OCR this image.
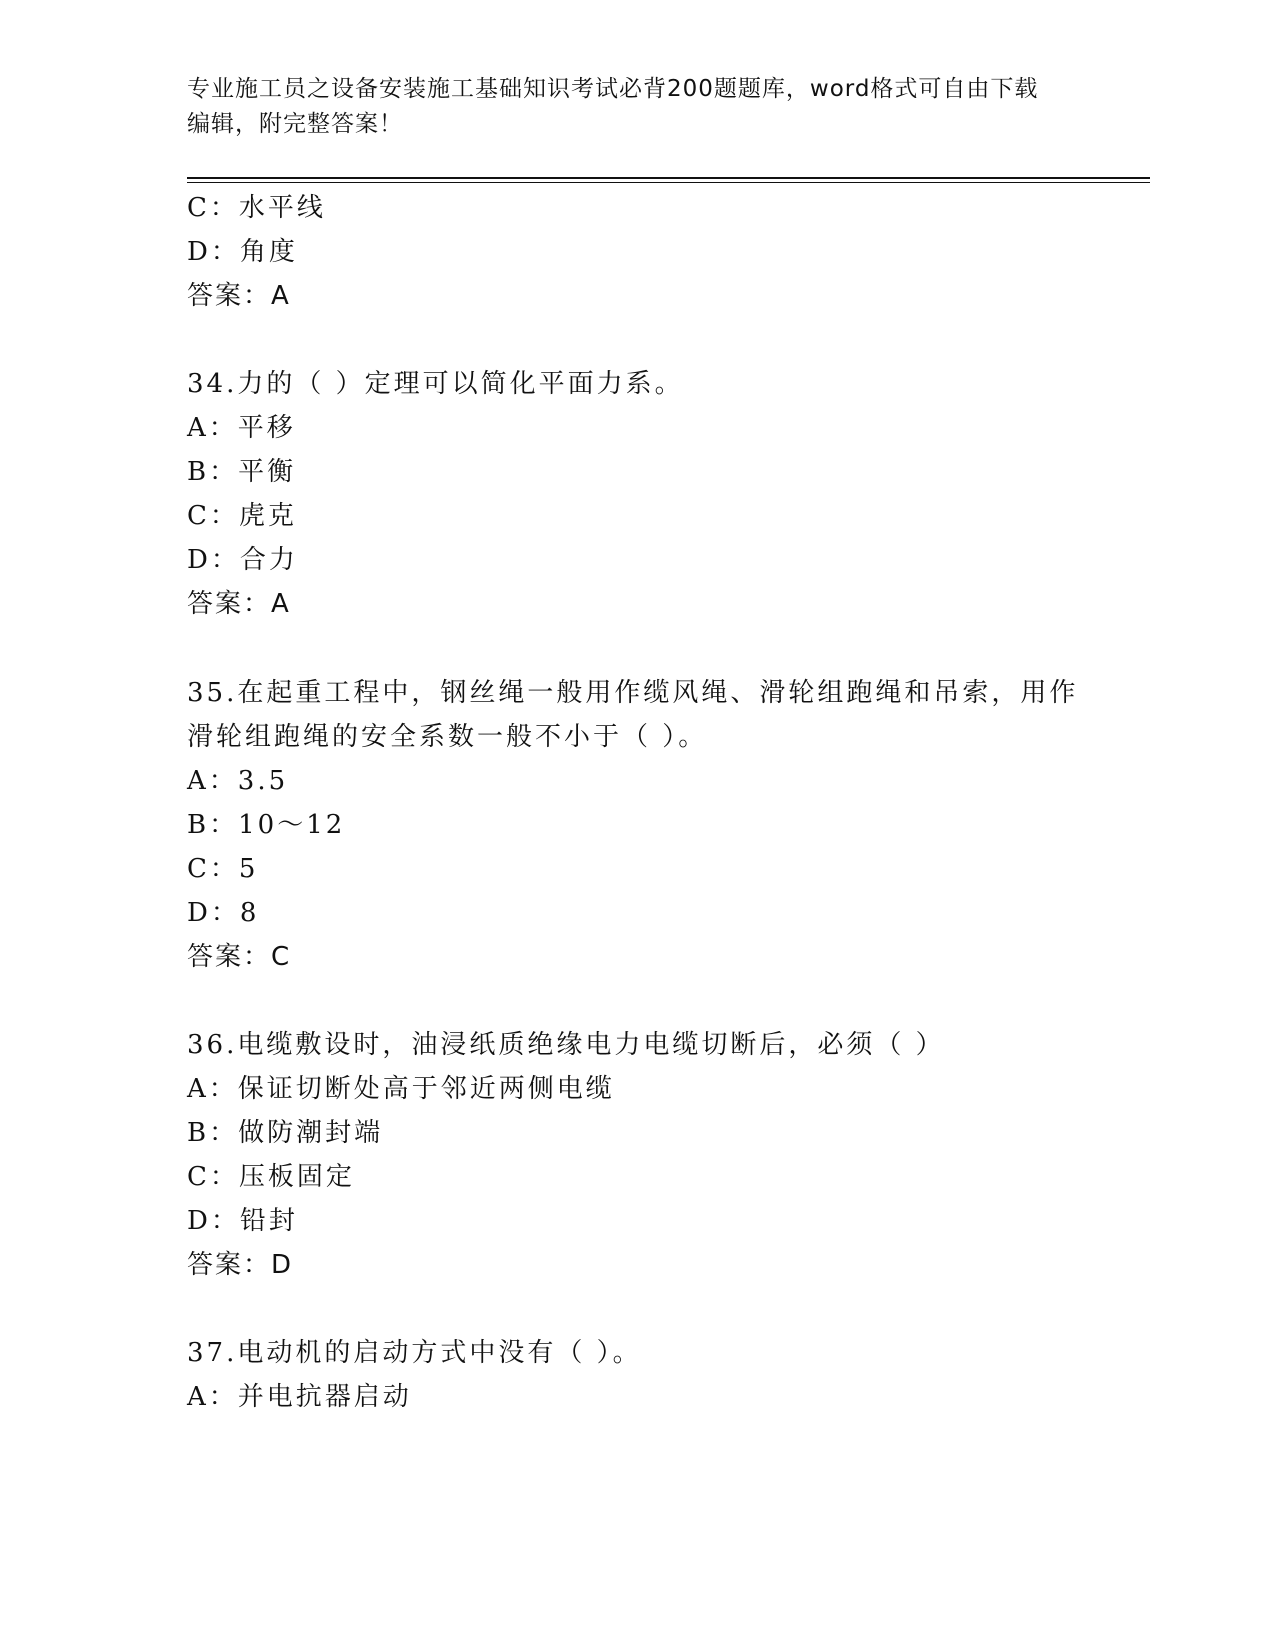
专业施工员之设备安装施工基础知识考试必背200题题库，word格式可自由下载
编辑，附完整答案！
C：水平线
D：角度
答案：A
34.力的（ ）定理可以简化平面力系。
A：平移
B：平衡
C：虎克
D：合力
答案：A
35.在起重工程中，钢丝绳一般用作缆风绳、滑轮组跑绳和吊索，用作
滑轮组跑绳的安全系数一般不小于（ ）。
A：3.5
B：10～12
C：5
D：8
答案：C
36.电缆敷设时，油浸纸质绝缘电力电缆切断后，必须（ ）
A：保证切断处高于邻近两侧电缆
B：做防潮封端
C：压板固定
D：铅封
答案：D
37.电动机的启动方式中没有（ ）。
A：并电抗器启动
